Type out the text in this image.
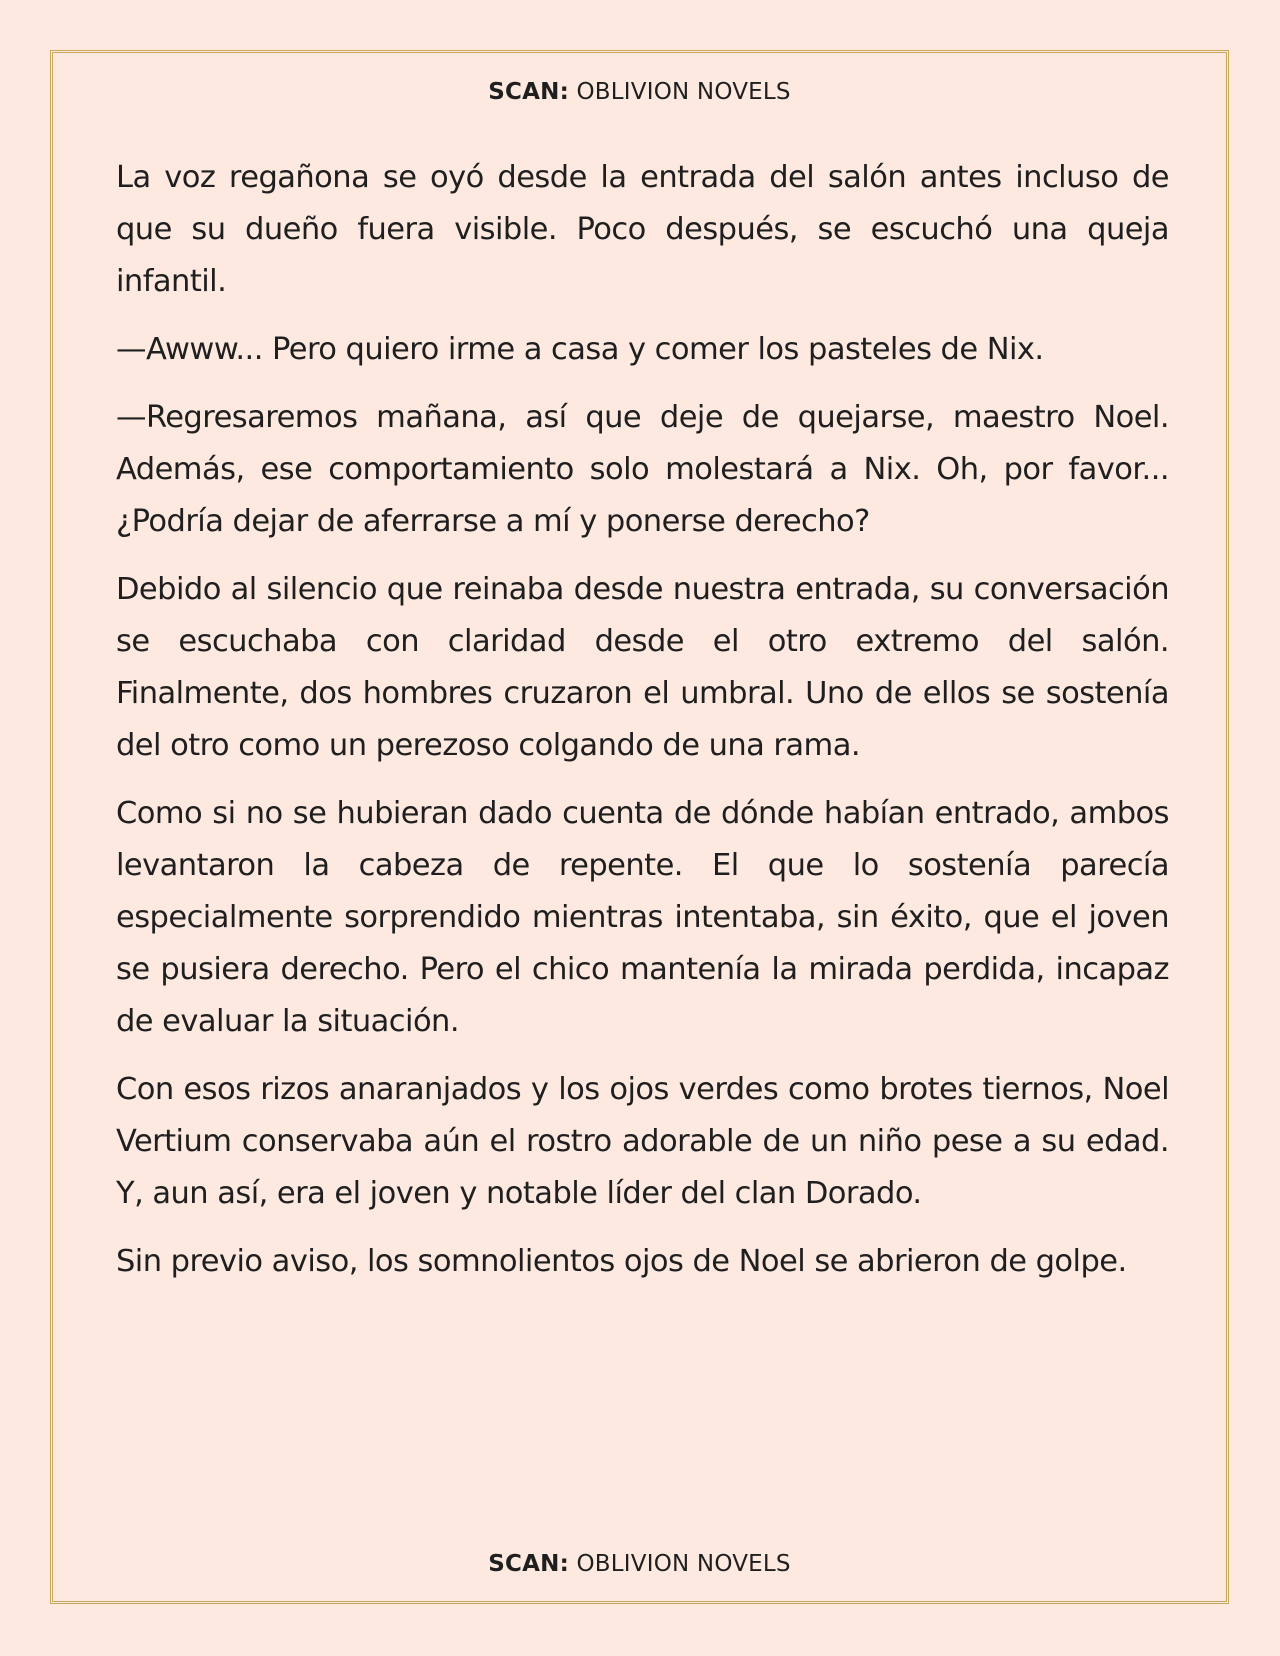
SCAN: OBLIVION NOVELS

La voz regañona se oyó desde la entrada del salón antes incluso de que su dueño fuera visible. Poco después, se escuchó una queja infantil.

—Awww... Pero quiero irme a casa y comer los pasteles de Nix.

—Regresaremos mañana, así que deje de quejarse, maestro Noel. Además, ese comportamiento solo molestará a Nix. Oh, por favor... ¿Podría dejar de aferrarse a mí y ponerse derecho?

Debido al silencio que reinaba desde nuestra entrada, su conversación se escuchaba con claridad desde el otro extremo del salón. Finalmente, dos hombres cruzaron el umbral. Uno de ellos se sostenía del otro como un perezoso colgando de una rama.

Como si no se hubieran dado cuenta de dónde habían entrado, ambos levantaron la cabeza de repente. El que lo sostenía parecía especialmente sorprendido mientras intentaba, sin éxito, que el joven se pusiera derecho. Pero el chico mantenía la mirada perdida, incapaz de evaluar la situación.

Con esos rizos anaranjados y los ojos verdes como brotes tiernos, Noel Vertium conservaba aún el rostro adorable de un niño pese a su edad. Y, aun así, era el joven y notable líder del clan Dorado.

Sin previo aviso, los somnolientos ojos de Noel se abrieron de golpe.

SCAN: OBLIVION NOVELS
